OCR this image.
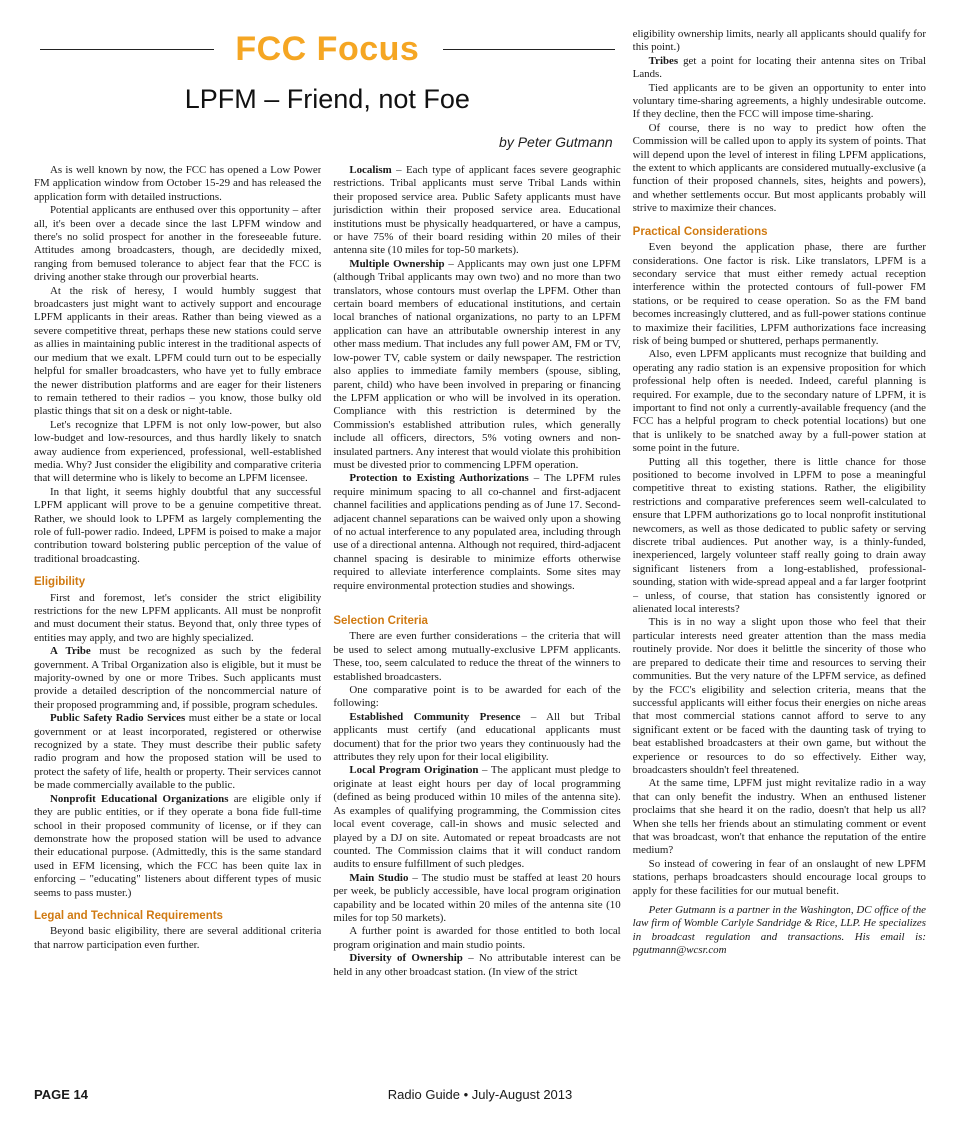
FCC Focus
LPFM – Friend, not Foe
by Peter Gutmann

As is well known by now, the FCC has opened a Low Power FM application window from October 15-29 and has released the application form with detailed instructions.

Potential applicants are enthused over this opportunity – after all, it's been over a decade since the last LPFM window and there's no solid prospect for another in the foreseeable future. Attitudes among broadcasters, though, are decidedly mixed, ranging from bemused tolerance to abject fear that the FCC is driving another stake through our proverbial hearts.

At the risk of heresy, I would humbly suggest that broadcasters just might want to actively support and encourage LPFM applicants in their areas. Rather than being viewed as a severe competitive threat, perhaps these new stations could serve as allies in maintaining public interest in the traditional aspects of our medium that we exalt. LPFM could turn out to be especially helpful for smaller broadcasters, who have yet to fully embrace the newer distribution platforms and are eager for their listeners to remain tethered to their radios – you know, those bulky old plastic things that sit on a desk or night-table.

Let's recognize that LPFM is not only low-power, but also low-budget and low-resources, and thus hardly likely to snatch away audience from experienced, professional, well-established media. Why? Just consider the eligibility and comparative criteria that will determine who is likely to become an LPFM licensee.

In that light, it seems highly doubtful that any successful LPFM applicant will prove to be a genuine competitive threat. Rather, we should look to LPFM as largely complementing the role of full-power radio. Indeed, LPFM is poised to make a major contribution toward bolstering public perception of the value of traditional broadcasting.

Eligibility

First and foremost, let's consider the strict eligibility restrictions for the new LPFM applicants. All must be nonprofit and must document their status. Beyond that, only three types of entities may apply, and two are highly specialized.

A Tribe must be recognized as such by the federal government. A Tribal Organization also is eligible, but it must be majority-owned by one or more Tribes. Such applicants must provide a detailed description of the noncommercial nature of their proposed programming and, if possible, program schedules.

Public Safety Radio Services must either be a state or local government or at least incorporated, registered or otherwise recognized by a state. They must describe their public safety radio program and how the proposed station will be used to protect the safety of life, health or property. Their services cannot be made commercially available to the public.

Nonprofit Educational Organizations are eligible only if they are public entities, or if they operate a bona fide full-time school in their proposed community of license, or if they can demonstrate how the proposed station will be used to advance their educational purpose. (Admittedly, this is the same standard used in EFM licensing, which the FCC has been quite lax in enforcing – "educating" listeners about different types of music seems to pass muster.)

Legal and Technical Requirements

Beyond basic eligibility, there are several additional criteria that narrow participation even further.

Localism – Each type of applicant faces severe geographic restrictions. Tribal applicants must serve Tribal Lands within their proposed service area. Public Safety applicants must have jurisdiction within their proposed service area. Educational institutions must be physically headquartered, or have a campus, or have 75% of their board residing within 20 miles of their antenna site (10 miles for top-50 markets).

Multiple Ownership – Applicants may own just one LPFM (although Tribal applicants may own two) and no more than two translators, whose contours must overlap the LPFM. Other than certain board members of educational institutions, and certain local branches of national organizations, no party to an LPFM application can have an attributable ownership interest in any other mass medium. That includes any full power AM, FM or TV, low-power TV, cable system or daily newspaper. The restriction also applies to immediate family members (spouse, sibling, parent, child) who have been involved in preparing or financing the LPFM application or who will be involved in its operation. Compliance with this restriction is determined by the Commission's established attribution rules, which generally include all officers, directors, 5% voting owners and non-insulated partners. Any interest that would violate this prohibition must be divested prior to commencing LPFM operation.

Protection to Existing Authorizations – The LPFM rules require minimum spacing to all co-channel and first-adjacent channel facilities and applications pending as of June 17. Second-adjacent channel separations can be waived only upon a showing of no actual interference to any populated area, including through use of a directional antenna. Although not required, third-adjacent channel spacing is desirable to minimize efforts otherwise required to alleviate interference complaints. Some sites may require environmental protection studies and showings.

Selection Criteria

There are even further considerations – the criteria that will be used to select among mutually-exclusive LPFM applicants. These, too, seem calculated to reduce the threat of the winners to established broadcasters.

One comparative point is to be awarded for each of the following:

Established Community Presence – All but Tribal applicants must certify (and educational applicants must document) that for the prior two years they continuously had the attributes they rely upon for their local eligibility.

Local Program Origination – The applicant must pledge to originate at least eight hours per day of local programming (defined as being produced within 10 miles of the antenna site). As examples of qualifying programming, the Commission cites local event coverage, call-in shows and music selected and played by a DJ on site. Automated or repeat broadcasts are not counted. The Commission claims that it will conduct random audits to ensure fulfillment of such pledges.

Main Studio – The studio must be staffed at least 20 hours per week, be publicly accessible, have local program origination capability and be located within 20 miles of the antenna site (10 miles for top 50 markets).

A further point is awarded for those entitled to both local program origination and main studio points.

Diversity of Ownership – No attributable interest can be held in any other broadcast station. (In view of the strict

eligibility ownership limits, nearly all applicants should qualify for this point.)

Tribes get a point for locating their antenna sites on Tribal Lands.

Tied applicants are to be given an opportunity to enter into voluntary time-sharing agreements, a highly undesirable outcome. If they decline, then the FCC will impose time-sharing.

Of course, there is no way to predict how often the Commission will be called upon to apply its system of points. That will depend upon the level of interest in filing LPFM applications, the extent to which applicants are considered mutually-exclusive (a function of their proposed channels, sites, heights and powers), and whether settlements occur. But most applicants probably will strive to maximize their chances.

Practical Considerations

Even beyond the application phase, there are further considerations. One factor is risk. Like translators, LPFM is a secondary service that must either remedy actual reception interference within the protected contours of full-power FM stations, or be required to cease operation. So as the FM band becomes increasingly cluttered, and as full-power stations continue to maximize their facilities, LPFM authorizations face increasing risk of being bumped or shuttered, perhaps permanently.

Also, even LPFM applicants must recognize that building and operating any radio station is an expensive proposition for which professional help often is needed. Indeed, careful planning is required. For example, due to the secondary nature of LPFM, it is important to find not only a currently-available frequency (and the FCC has a helpful program to check potential locations) but one that is unlikely to be snatched away by a full-power station at some point in the future.

Putting all this together, there is little chance for those positioned to become involved in LPFM to pose a meaningful competitive threat to existing stations. Rather, the eligibility restrictions and comparative preferences seem well-calculated to ensure that LPFM authorizations go to local nonprofit institutional newcomers, as well as those dedicated to public safety or serving discrete tribal audiences. Put another way, is a thinly-funded, inexperienced, largely volunteer staff really going to drain away significant listeners from a long-established, professional-sounding, station with wide-spread appeal and a far larger footprint – unless, of course, that station has consistently ignored or alienated local interests?

This is in no way a slight upon those who feel that their particular interests need greater attention than the mass media routinely provide. Nor does it belittle the sincerity of those who are prepared to dedicate their time and resources to serving their communities. But the very nature of the LPFM service, as defined by the FCC's eligibility and selection criteria, means that the successful applicants will either focus their energies on niche areas that most commercial stations cannot afford to serve to any significant extent or be faced with the daunting task of trying to beat established broadcasters at their own game, but without the experience or resources to do so effectively. Either way, broadcasters shouldn't feel threatened.

At the same time, LPFM just might revitalize radio in a way that can only benefit the industry. When an enthused listener proclaims that she heard it on the radio, doesn't that help us all? When she tells her friends about an stimulating comment or event that was broadcast, won't that enhance the reputation of the entire medium?

So instead of cowering in fear of an onslaught of new LPFM stations, perhaps broadcasters should encourage local groups to apply for these facilities for our mutual benefit.

Peter Gutmann is a partner in the Washington, DC office of the law firm of Womble Carlyle Sandridge & Rice, LLP. He specializes in broadcast regulation and transactions. His email is: pgutmann@wcsr.com

PAGE 14	Radio Guide • July-August 2013
